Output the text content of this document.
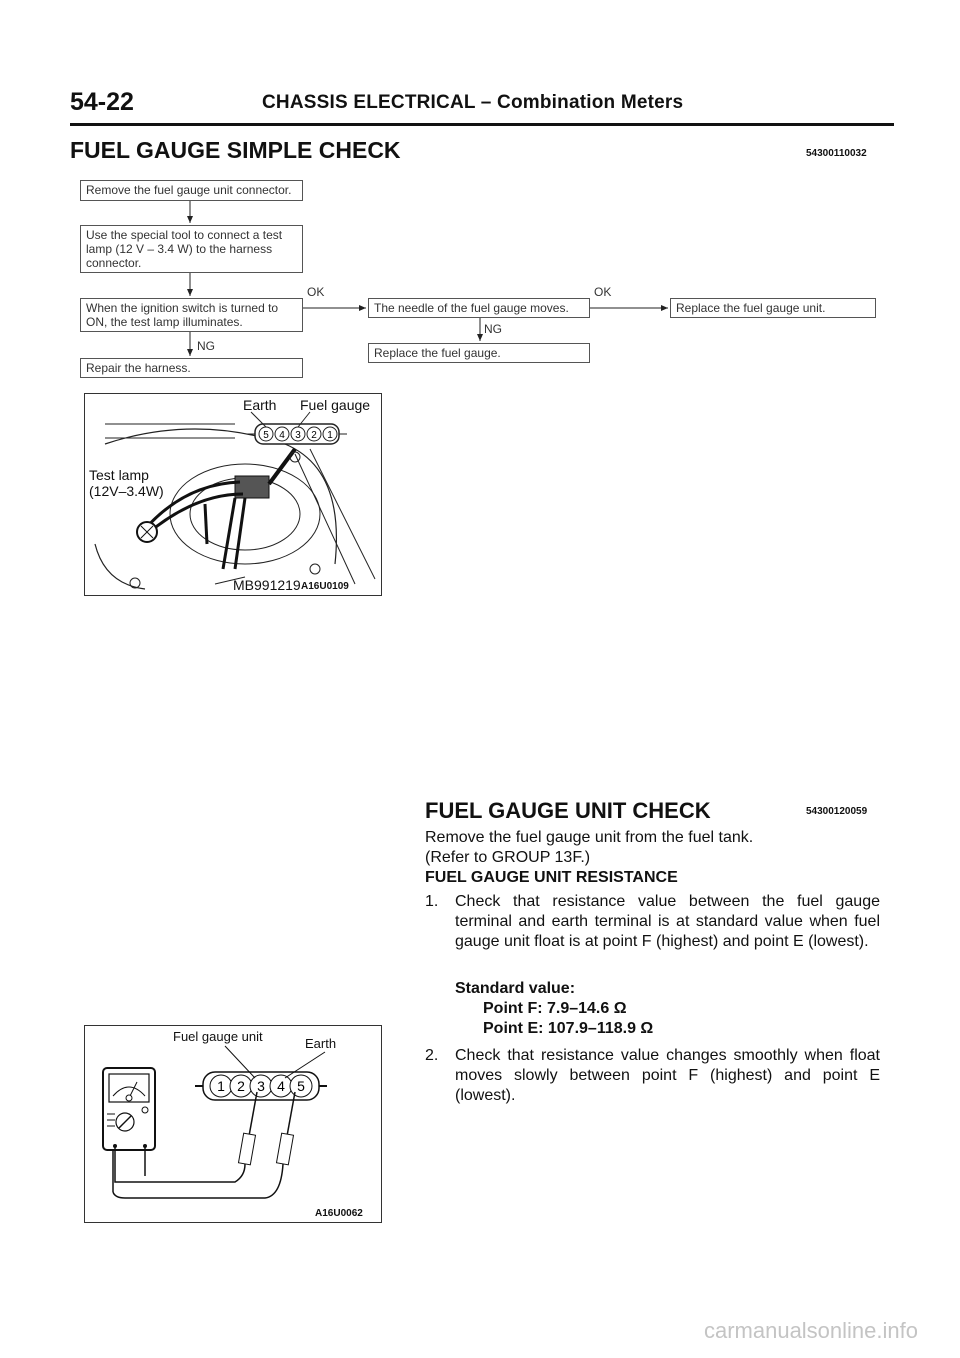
54-22	CHASSIS ELECTRICAL – Combination Meters
FUEL GAUGE SIMPLE CHECK	54300110032
Remove the fuel gauge unit connector.
Use the special tool to connect a test lamp (12 V – 3.4 W) to the harness connector.
When the ignition switch is turned to ON, the test lamp illuminates.
Repair the harness.
The needle of the fuel gauge moves.
Replace the fuel gauge.
Replace the fuel gauge unit.
OK	OK
NG
NG
5 4 3 2 1
Earth Fuel gauge
Test lamp
(12V–3.4W)
MB991219 A16U0109
FUEL GAUGE UNIT CHECK	54300120059
Remove the fuel gauge unit from the fuel tank.
(Refer to GROUP 13F.)
FUEL GAUGE UNIT RESISTANCE
1. Check that resistance value between the fuel gauge terminal and earth terminal is at standard value when fuel gauge unit float is at point F (highest) and point E (lowest).
Standard value:
Point F: 7.9–14.6 Ω
Point E: 107.9–118.9 Ω
2. Check that resistance value changes smoothly when float moves slowly between point F (highest) and point E (lowest).
1 2 3 4 5
Fuel gauge unit	Earth
A16U0062
carmanualsonline.info
